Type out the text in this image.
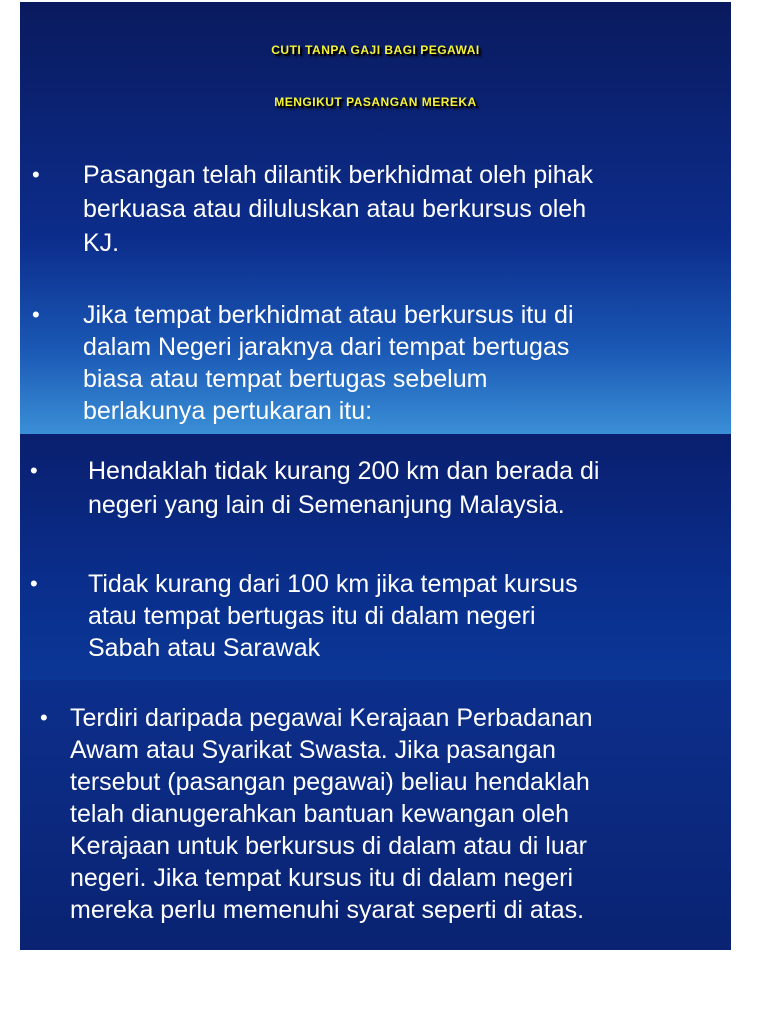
CUTI TANPA GAJI BAGI PEGAWAI
MENGIKUT PASANGAN MEREKA
• Pasangan telah dilantik berkhidmat oleh pihak
berkuasa atau diluluskan atau berkursus oleh
KJ.
• Jika tempat berkhidmat atau berkursus itu di
dalam Negeri jaraknya dari tempat bertugas
biasa atau tempat bertugas sebelum
berlakunya pertukaran itu:
• Hendaklah tidak kurang 200 km dan berada di
negeri yang lain di Semenanjung Malaysia.
• Tidak kurang dari 100 km jika tempat kursus
atau tempat bertugas itu di dalam negeri
Sabah atau Sarawak
• Terdiri daripada pegawai Kerajaan Perbadanan
Awam atau Syarikat Swasta. Jika pasangan
tersebut (pasangan pegawai) beliau hendaklah
telah dianugerahkan bantuan kewangan oleh
Kerajaan untuk berkursus di dalam atau di luar
negeri. Jika tempat kursus itu di dalam negeri
mereka perlu memenuhi syarat seperti di atas.
